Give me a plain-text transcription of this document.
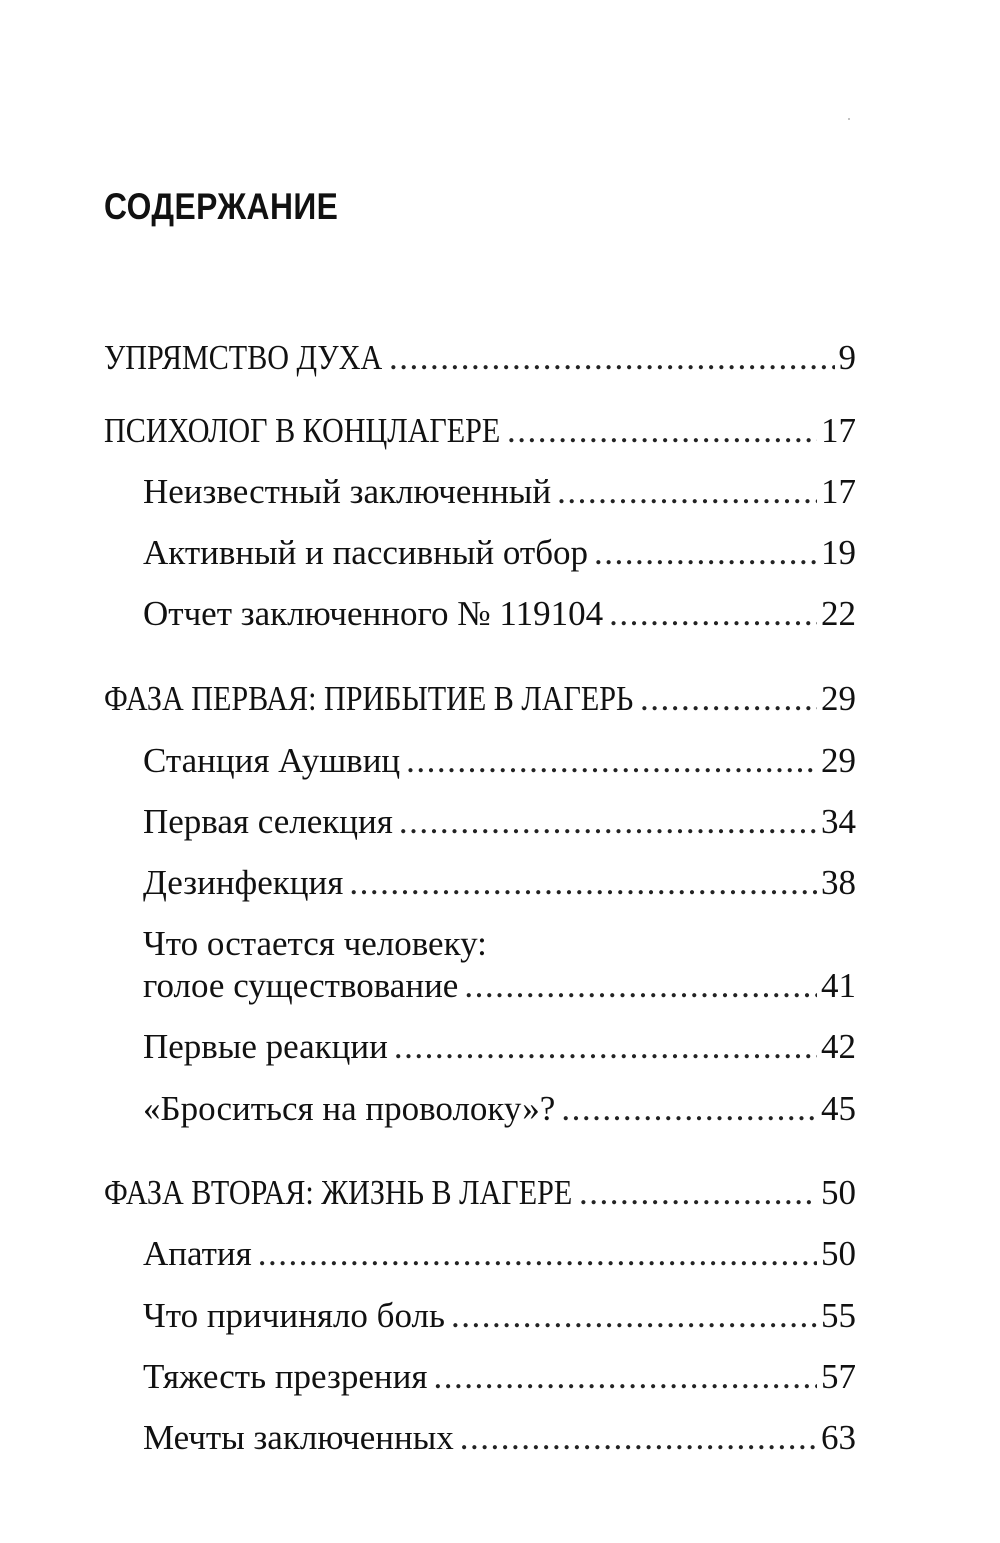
СОДЕРЖАНИЕ
УПРЯМСТВО ДУХА .....	9
ПСИХОЛОГ В КОНЦЛАГЕРЕ .....	17
Неизвестный заключенный .....	17
Активный и пассивный отбор .....	19
Отчет заключенного № 119104 .....	22
ФАЗА ПЕРВАЯ: ПРИБЫТИЕ В ЛАГЕРЬ .....	29
Станция Аушвиц .....	29
Первая селекция .....	34
Дезинфекция .....	38
Что остается человеку:
голое существование .....	41
Первые реакции .....	42
«Броситься на проволоку»? .....	45
ФАЗА ВТОРАЯ: ЖИЗНЬ В ЛАГЕРЕ .....	50
Апатия .....	50
Что причиняло боль .....	55
Тяжесть презрения .....	57
Мечты заключенных .....	63
